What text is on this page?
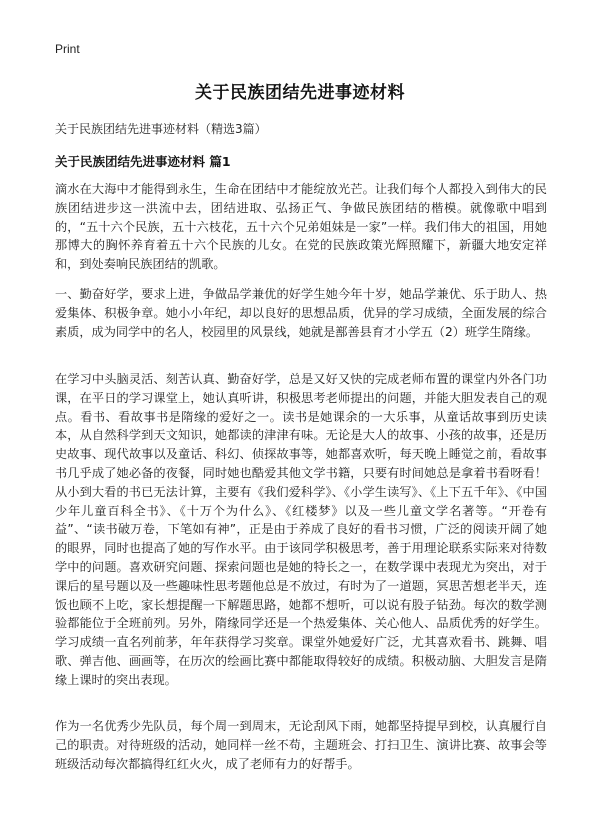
Print
关于民族团结先进事迹材料
关于民族团结先进事迹材料（精选3篇）
关于民族团结先进事迹材料 篇1

滴水在大海中才能得到永生，生命在团结中才能绽放光芒。让我们每个人都投入到伟大的民族团结进步这一洪流中去，团结进取、弘扬正气、争做民族团结的楷模。就像歌中唱到的，“五十六个民族，五十六枝花，五十六个兄弟姐妹是一家”一样。我们伟大的祖国，用她那博大的胸怀养育着五十六个民族的儿女。在党的民族政策光辉照耀下，新疆大地安定祥和，到处奏响民族团结的凯歌。

一、勤奋好学，要求上进，争做品学兼优的好学生她今年十岁，她品学兼优、乐于助人、热爱集体、积极争章。她小小年纪，却以良好的思想品质，优异的学习成绩，全面发展的综合素质，成为同学中的名人，校园里的风景线，她就是鄯善县育才小学五（2）班学生隋缘。

在学习中头脑灵活、刻苦认真、勤奋好学，总是又好又快的完成老师布置的课堂内外各门功课，在平日的学习课堂上，她认真听讲，积极思考老师提出的问题，并能大胆发表自己的观点。看书、看故事书是隋缘的爱好之一。读书是她课余的一大乐事，从童话故事到历史读本，从自然科学到天文知识，她都读的津津有味。无论是大人的故事、小孩的故事，还是历史故事、现代故事以及童话、科幻、侦探故事等，她都喜欢听，每天晚上睡觉之前，看故事书几乎成了她必备的夜餐，同时她也酷爱其他文学书籍，只要有时间她总是拿着书看呀看！从小到大看的书已无法计算，主要有《我们爱科学》、《小学生读写》、《上下五千年》、《中国少年儿童百科全书》、《十万个为什么》、《红楼梦》以及一些儿童文学名著等。“开卷有益”、“读书破万卷，下笔如有神”，正是由于养成了良好的看书习惯，广泛的阅读开阔了她的眼界，同时也提高了她的写作水平。由于该同学积极思考，善于用理论联系实际来对待数学中的问题。喜欢研究问题、探索问题也是她的特长之一，在数学课中表现尤为突出，对于课后的星号题以及一些趣味性思考题他总是不放过，有时为了一道题，冥思苦想老半天，连饭也顾不上吃，家长想提醒一下解题思路，她都不想听，可以说有股子钻劲。每次的数学测验都能位于全班前列。另外，隋缘同学还是一个热爱集体、关心他人、品质优秀的好学生。学习成绩一直名列前茅，年年获得学习奖章。课堂外她爱好广泛，尤其喜欢看书、跳舞、唱歌、弹吉他、画画等，在历次的绘画比赛中都能取得较好的成绩。积极动脑、大胆发言是隋缘上课时的突出表现。

作为一名优秀少先队员，每个周一到周末，无论刮风下雨，她都坚持提早到校，认真履行自己的职责。对待班级的活动，她同样一丝不苟，主题班会、打扫卫生、演讲比赛、故事会等班级活动每次都搞得红红火火，成了老师有力的好帮手。
